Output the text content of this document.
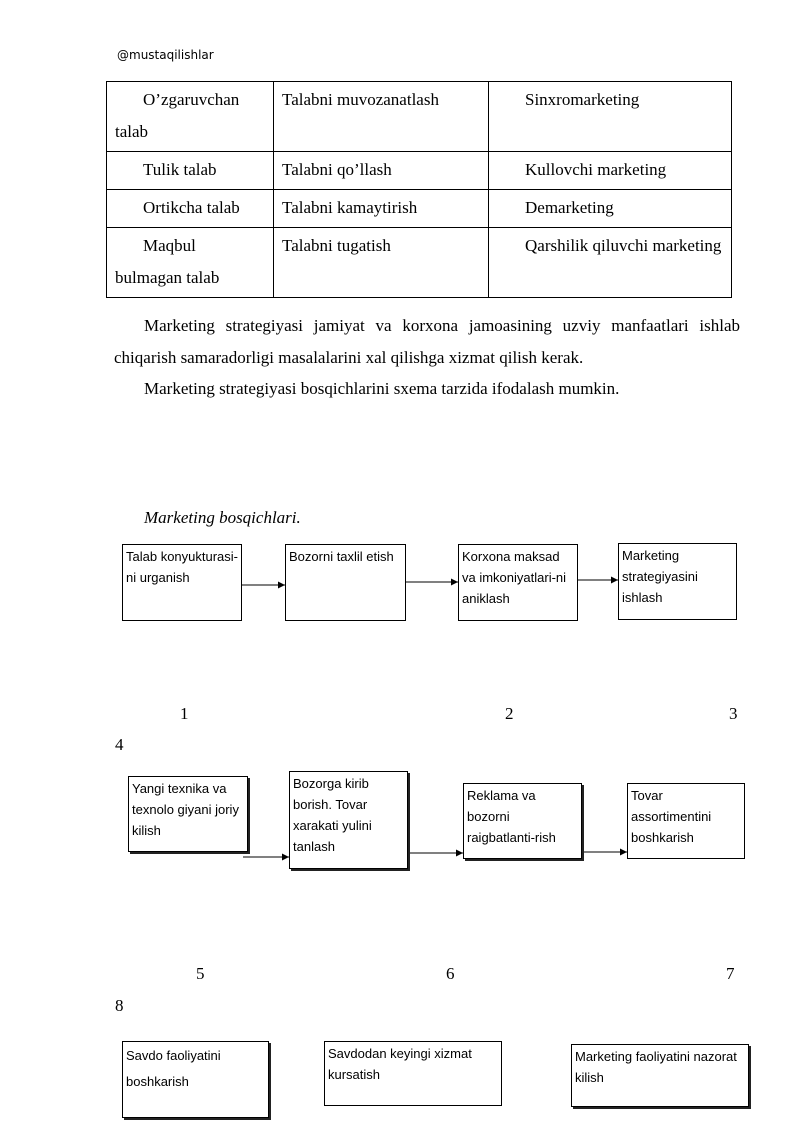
@mustaqilishlar
O’zgaruvchan talab	Talabni muvozanatlash	Sinxromarketing
Tulik talab	Talabni qo’llash	Kullovchi marketing
Ortikcha talab	Talabni kamaytirish	Demarketing
Maqbul bulmagan talab	Talabni tugatish	Qarshilik qiluvchi marketing
Marketing strategiyasi jamiyat va korxona jamoasining uzviy manfaatlari ishlab chiqarish samaradorligi masalalarini xal qilishga xizmat qilish kerak.
Marketing strategiyasi bosqichlarini sxema tarzida ifodalash mumkin.
Marketing bosqichlari.
Talab konyukturasi-ni urganish
Bozorni taxlil etish	Korxona maksad va imkoniyatlari-ni aniklash
Marketing strategiyasini ishlash
1	2	3
4
Yangi texnika va texnolo giyani joriy kilish
Bozorga kirib borish. Tovar xarakati yulini tanlash
Reklama va bozorni raigbatlanti-rish
Tovar assortimentini boshkarish
5	6	7
8
Savdo faoliyatini boshkarish
Savdodan keyingi xizmat kursatish
Marketing faoliyatini nazorat kilish
